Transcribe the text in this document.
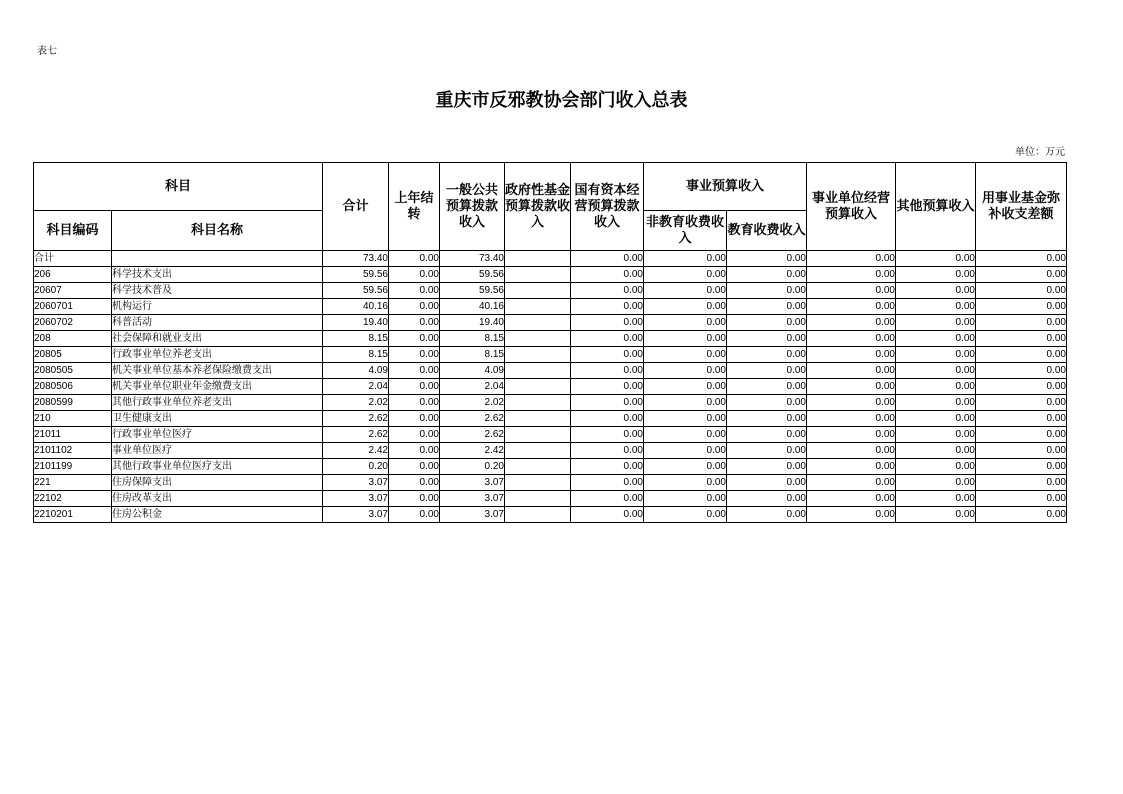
表七
重庆市反邪教协会部门收入总表
单位：万元
科目		合计	上年结转	一般公共预算拨款收入	政府性基金预算拨款收入	国有资本经营预算拨款收入	事业预算收入		事业单位经营预算收入	其他预算收入	用事业基金弥补收支差额
科目编码	科目名称						非教育收费收入	教育收费收入			
合计		73.40	0.00	73.40		0.00	0.00	0.00	0.00	0.00	0.00
206	科学技术支出	59.56	0.00	59.56		0.00	0.00	0.00	0.00	0.00	0.00
20607	科学技术普及	59.56	0.00	59.56		0.00	0.00	0.00	0.00	0.00	0.00
2060701	机构运行	40.16	0.00	40.16		0.00	0.00	0.00	0.00	0.00	0.00
2060702	科普活动	19.40	0.00	19.40		0.00	0.00	0.00	0.00	0.00	0.00
208	社会保障和就业支出	8.15	0.00	8.15		0.00	0.00	0.00	0.00	0.00	0.00
20805	行政事业单位养老支出	8.15	0.00	8.15		0.00	0.00	0.00	0.00	0.00	0.00
2080505	机关事业单位基本养老保险缴费支出	4.09	0.00	4.09		0.00	0.00	0.00	0.00	0.00	0.00
2080506	机关事业单位职业年金缴费支出	2.04	0.00	2.04		0.00	0.00	0.00	0.00	0.00	0.00
2080599	其他行政事业单位养老支出	2.02	0.00	2.02		0.00	0.00	0.00	0.00	0.00	0.00
210	卫生健康支出	2.62	0.00	2.62		0.00	0.00	0.00	0.00	0.00	0.00
21011	行政事业单位医疗	2.62	0.00	2.62		0.00	0.00	0.00	0.00	0.00	0.00
2101102	事业单位医疗	2.42	0.00	2.42		0.00	0.00	0.00	0.00	0.00	0.00
2101199	其他行政事业单位医疗支出	0.20	0.00	0.20		0.00	0.00	0.00	0.00	0.00	0.00
221	住房保障支出	3.07	0.00	3.07		0.00	0.00	0.00	0.00	0.00	0.00
22102	住房改革支出	3.07	0.00	3.07		0.00	0.00	0.00	0.00	0.00	0.00
2210201	住房公积金	3.07	0.00	3.07		0.00	0.00	0.00	0.00	0.00	0.00
